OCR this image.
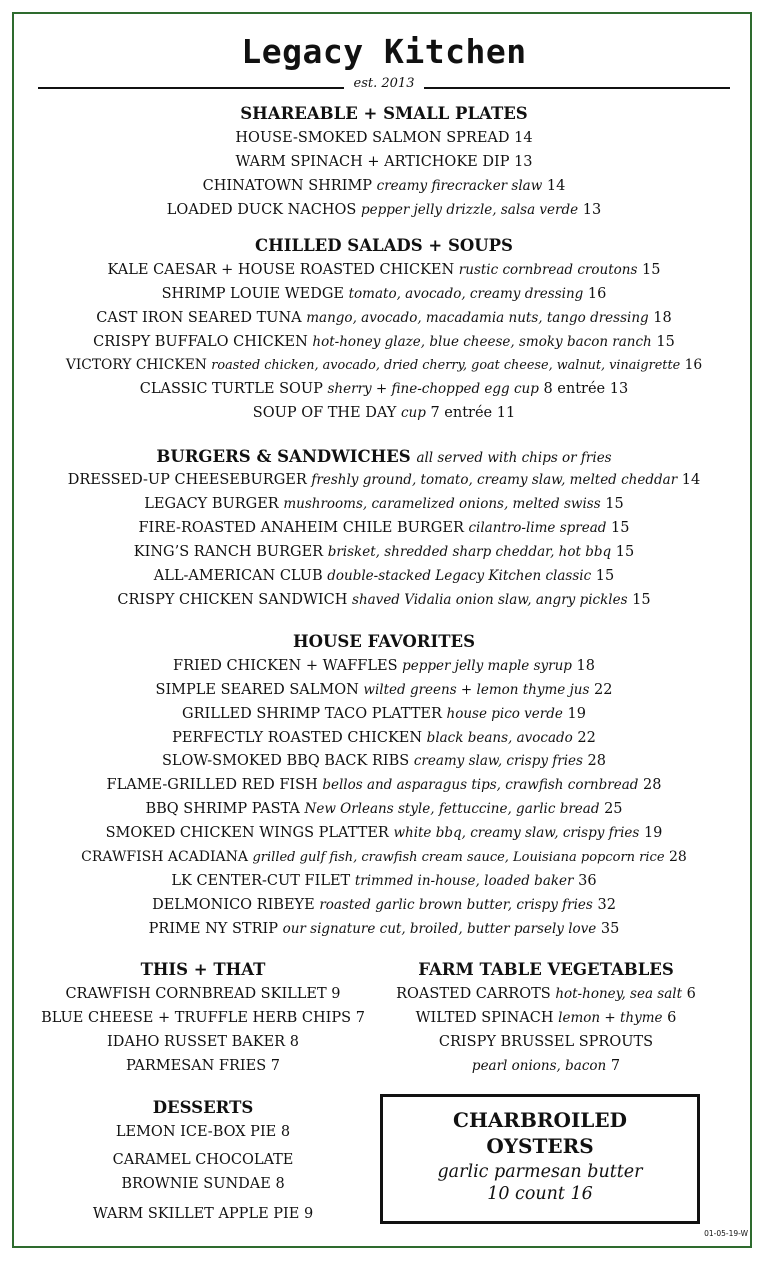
Legacy Kitchen
est. 2013
SHAREABLE + SMALL PLATES
HOUSE-SMOKED SALMON SPREAD 14
WARM SPINACH + ARTICHOKE DIP 13
CHINATOWN SHRIMP creamy firecracker slaw 14
LOADED DUCK NACHOS pepper jelly drizzle, salsa verde 13
CHILLED SALADS + SOUPS
KALE CAESAR + HOUSE ROASTED CHICKEN rustic cornbread croutons 15
SHRIMP LOUIE WEDGE tomato, avocado, creamy dressing 16
CAST IRON SEARED TUNA mango, avocado, macadamia nuts, tango dressing 18
CRISPY BUFFALO CHICKEN hot-honey glaze, blue cheese, smoky bacon ranch 15
VICTORY CHICKEN roasted chicken, avocado, dried cherry, goat cheese, walnut, vinaigrette 16
CLASSIC TURTLE SOUP sherry + fine-chopped egg cup 8 entrée 13
SOUP OF THE DAY cup 7 entrée 11
BURGERS & SANDWICHES all served with chips or fries
DRESSED-UP CHEESEBURGER freshly ground, tomato, creamy slaw, melted cheddar 14
LEGACY BURGER mushrooms, caramelized onions, melted swiss 15
FIRE-ROASTED ANAHEIM CHILE BURGER cilantro-lime spread 15
KING’S RANCH BURGER brisket, shredded sharp cheddar, hot bbq 15
ALL-AMERICAN CLUB double-stacked Legacy Kitchen classic 15
CRISPY CHICKEN SANDWICH shaved Vidalia onion slaw, angry pickles 15
HOUSE FAVORITES
FRIED CHICKEN + WAFFLES pepper jelly maple syrup 18
SIMPLE SEARED SALMON wilted greens + lemon thyme jus 22
GRILLED SHRIMP TACO PLATTER house pico verde 19
PERFECTLY ROASTED CHICKEN black beans, avocado 22
SLOW-SMOKED BBQ BACK RIBS creamy slaw, crispy fries 28
FLAME-GRILLED RED FISH bellos and asparagus tips, crawfish cornbread 28
BBQ SHRIMP PASTA New Orleans style, fettuccine, garlic bread 25
SMOKED CHICKEN WINGS PLATTER white bbq, creamy slaw, crispy fries 19
CRAWFISH ACADIANA grilled gulf fish, crawfish cream sauce, Louisiana popcorn rice 28
LK CENTER-CUT FILET trimmed in-house, loaded baker 36
DELMONICO RIBEYE roasted garlic brown butter, crispy fries 32
PRIME NY STRIP our signature cut, broiled, butter parsely love 35
THIS + THAT
CRAWFISH CORNBREAD SKILLET 9
BLUE CHEESE + TRUFFLE HERB CHIPS 7
IDAHO RUSSET BAKER 8
PARMESAN FRIES 7
FARM TABLE VEGETABLES
ROASTED CARROTS hot-honey, sea salt 6
WILTED SPINACH lemon + thyme 6
CRISPY BRUSSEL SPROUTS
pearl onions, bacon 7
DESSERTS
LEMON ICE-BOX PIE 8
CARAMEL CHOCOLATE
BROWNIE SUNDAE 8
WARM SKILLET APPLE PIE 9
CHARBROILED
OYSTERS
garlic parmesan butter
10 count 16
01-05-19-W
